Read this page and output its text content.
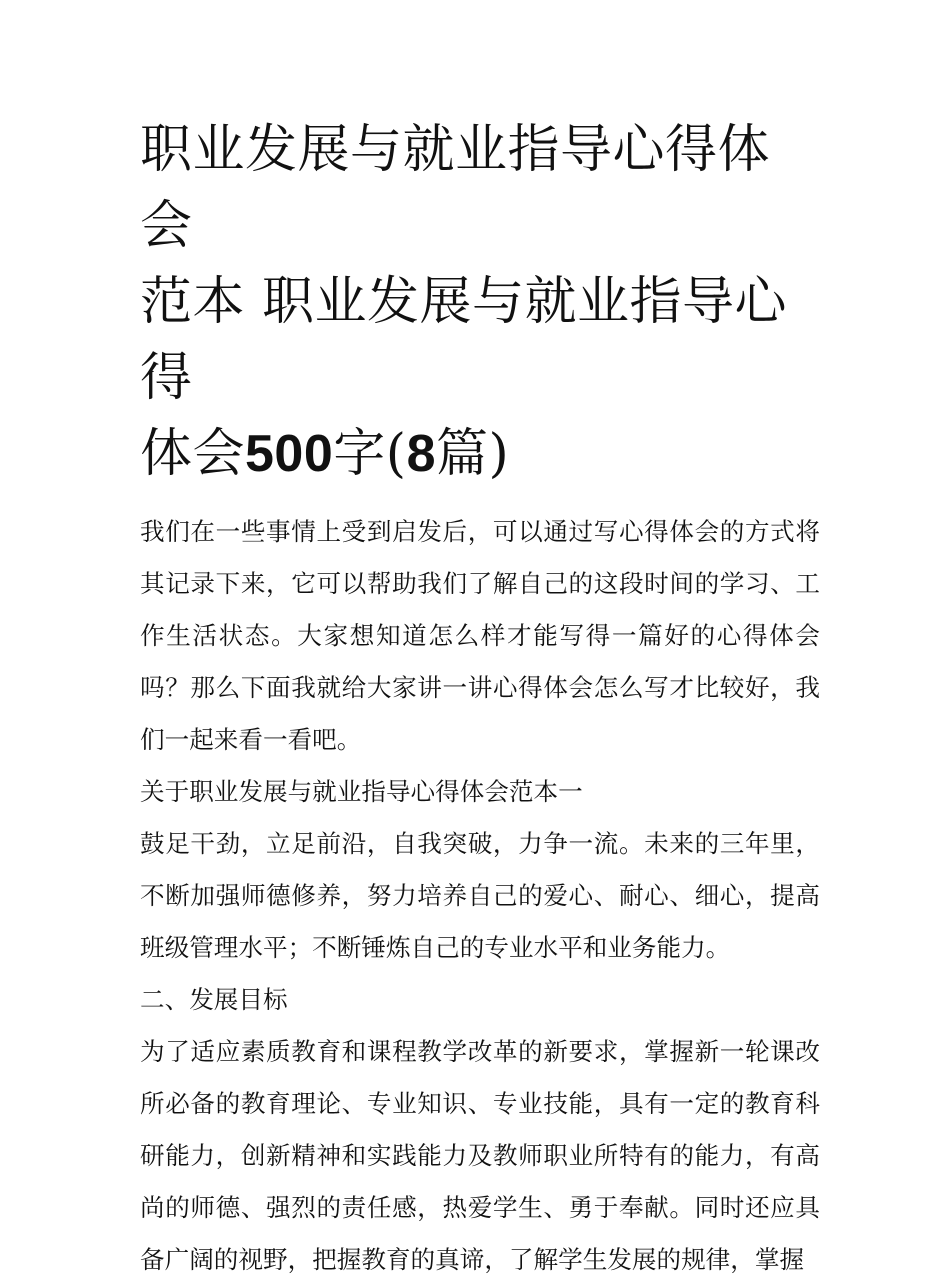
职业发展与就业指导心得体会
范本 职业发展与就业指导心得
体会500字(8篇)

我们在一些事情上受到启发后，可以通过写心得体会的方式将其记录下来，它可以帮助我们了解自己的这段时间的学习、工作生活状态。大家想知道怎么样才能写得一篇好的心得体会吗？那么下面我就给大家讲一讲心得体会怎么写才比较好，我们一起来看一看吧。

关于职业发展与就业指导心得体会范本一

鼓足干劲，立足前沿，自我突破，力争一流。未来的三年里，不断加强师德修养，努力培养自己的爱心、耐心、细心，提高班级管理水平；不断锤炼自己的专业水平和业务能力。

二、发展目标

为了适应素质教育和课程教学改革的新要求，掌握新一轮课改所必备的教育理论、专业知识、专业技能，具有一定的教育科研能力，创新精神和实践能力及教师职业所特有的能力，有高尚的师德、强烈的责任感，热爱学生、勇于奉献。同时还应具备广阔的视野，把握教育的真谛，了解学生发展的规律，掌握
